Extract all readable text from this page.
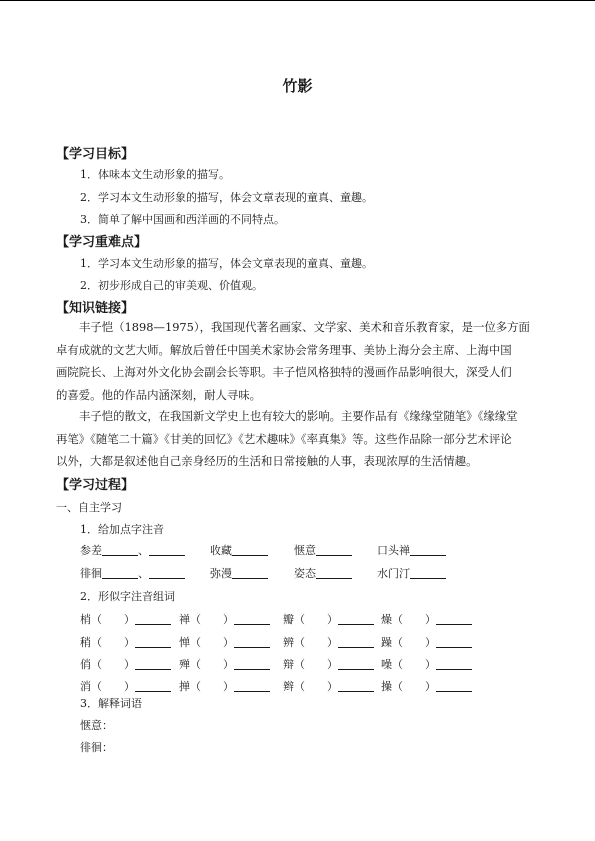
竹影
【学习目标】
1．体味本文生动形象的描写。
2．学习本文生动形象的描写，体会文章表现的童真、童趣。
3．简单了解中国画和西洋画的不同特点。
【学习重难点】
1．学习本文生动形象的描写，体会文章表现的童真、童趣。
2．初步形成自己的审美观、价值观。
【知识链接】
丰子恺（1898—1975），我国现代著名画家、文学家、美术和音乐教育家，是一位多方面
卓有成就的文艺大师。解放后曾任中国美术家协会常务理事、美协上海分会主席、上海中国
画院院长、上海对外文化协会副会长等职。丰子恺风格独特的漫画作品影响很大，深受人们
的喜爱。他的作品内涵深刻，耐人寻味。
丰子恺的散文，在我国新文学史上也有较大的影响。主要作品有《缘缘堂随笔》《缘缘堂
再笔》《随笔二十篇》《甘美的回忆》《艺术趣味》《率真集》等。这些作品除一部分艺术评论
以外，大都是叙述他自己亲身经历的生活和日常接触的人事，表现浓厚的生活情趣。
【学习过程】
一、自主学习
1．给加点字注音
参差	、	收藏	惬意	口头禅
徘徊	、	弥漫	姿态	水门汀
2．形似字注音组词
梢（　　）	禅（　　）	瓣（　　）	燥（　　）
稍（　　）	惮（　　）	辨（　　）	躁（　　）
俏（　　）	殚（　　）	辩（　　）	噪（　　）
消（　　）	掸（　　）	辫（　　）	操（　　）
3．解释词语
惬意：
徘徊：
